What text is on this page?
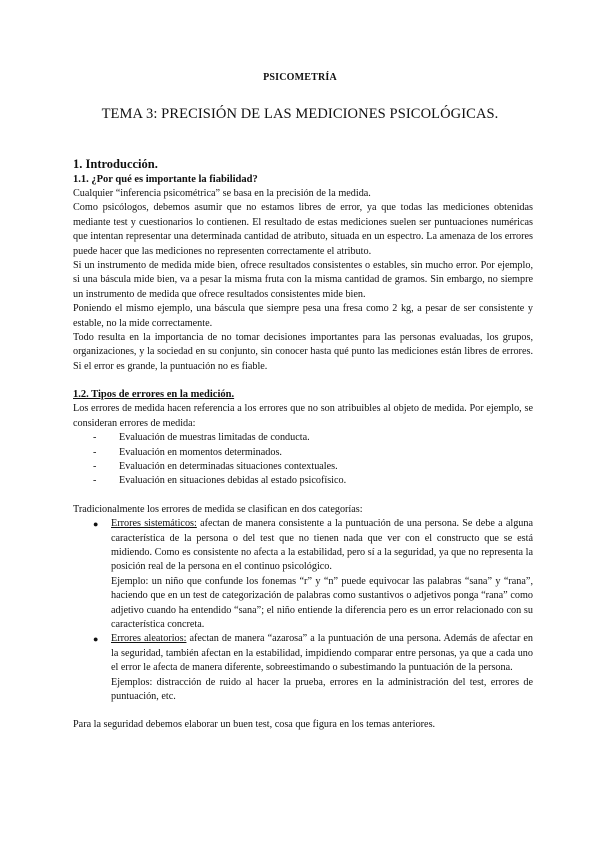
PSICOMETRÍA
TEMA 3: PRECISIÓN DE LAS MEDICIONES PSICOLÓGICAS.

1. Introducción.

1.1. ¿Por qué es importante la fiabilidad?

Cualquier “inferencia psicométrica” se basa en la precisión de la medida.

Como psicólogos, debemos asumir que no estamos libres de error, ya que todas las mediciones obtenidas mediante test y cuestionarios lo contienen. El resultado de estas mediciones suelen ser puntuaciones numéricas que intentan representar una determinada cantidad de atributo, situada en un espectro. La amenaza de los errores puede hacer que las mediciones no representen correctamente el atributo.

Si un instrumento de medida mide bien, ofrece resultados consistentes o estables, sin mucho error. Por ejemplo, si una báscula mide bien, va a pesar la misma fruta con la misma cantidad de gramos. Sin embargo, no siempre un instrumento de medida que ofrece resultados consistentes mide bien.

Poniendo el mismo ejemplo, una báscula que siempre pesa una fresa como 2 kg, a pesar de ser consistente y estable, no la mide correctamente.

Todo resulta en la importancia de no tomar decisiones importantes para las personas evaluadas, los grupos, organizaciones, y la sociedad en su conjunto, sin conocer hasta qué punto las mediciones están libres de errores. Si el error es grande, la puntuación no es fiable.

1.2. Tipos de errores en la medición.

Los errores de medida hacen referencia a los errores que no son atribuibles al objeto de medida. Por ejemplo, se consideran errores de medida:

- Evaluación de muestras limitadas de conducta.
- Evaluación en momentos determinados.
- Evaluación en determinadas situaciones contextuales.
- Evaluación en situaciones debidas al estado psicofísico.

Tradicionalmente los errores de medida se clasifican en dos categorías:

● Errores sistemáticos: afectan de manera consistente a la puntuación de una persona. Se debe a alguna característica de la persona o del test que no tienen nada que ver con el constructo que se está midiendo. Como es consistente no afecta a la estabilidad, pero sí a la seguridad, ya que no representa la posición real de la persona en el continuo psicológico.
Ejemplo: un niño que confunde los fonemas “r” y “n” puede equivocar las palabras “sana” y “rana”, haciendo que en un test de categorización de palabras como sustantivos o adjetivos ponga “rana” como adjetivo cuando ha entendido “sana”; el niño entiende la diferencia pero es un error relacionado con su característica concreta.
● Errores aleatorios: afectan de manera “azarosa” a la puntuación de una persona. Además de afectar en la seguridad, también afectan en la estabilidad, impidiendo comparar entre personas, ya que a cada uno el error le afecta de manera diferente, sobreestimando o subestimando la puntuación de la persona.
Ejemplos: distracción de ruido al hacer la prueba, errores en la administración del test, errores de puntuación, etc.

Para la seguridad debemos elaborar un buen test, cosa que figura en los temas anteriores.
